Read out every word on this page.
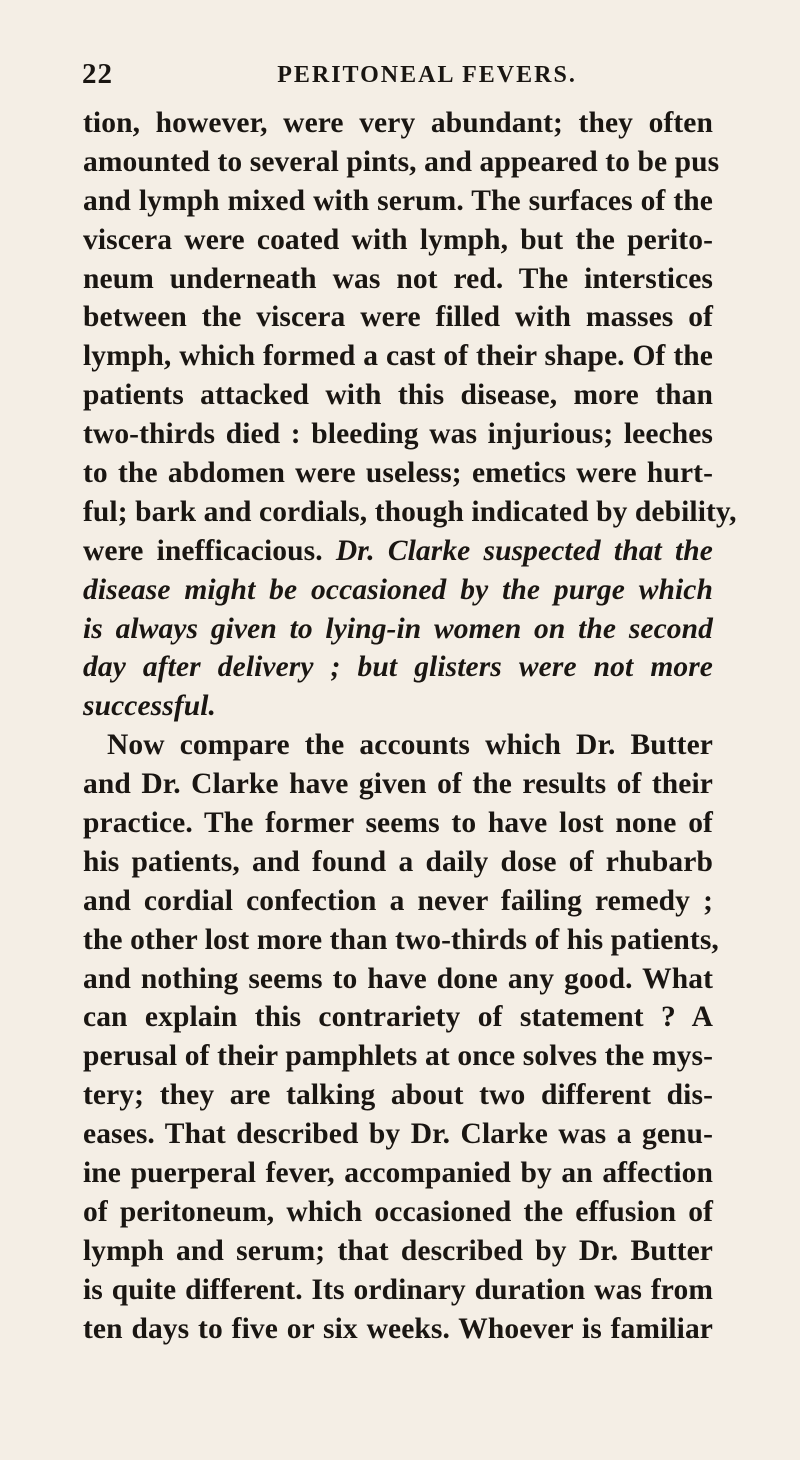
22	PERITONEAL FEVERS.
tion, however, were very abundant; they often
amounted to several pints, and appeared to be pus
and lymph mixed with serum. The surfaces of the
viscera were coated with lymph, but the perito-
neum underneath was not red. The interstices
between the viscera were filled with masses of
lymph, which formed a cast of their shape. Of the
patients attacked with this disease, more than
two-thirds died : bleeding was injurious; leeches
to the abdomen were useless; emetics were hurt-
ful; bark and cordials, though indicated by debility,
were inefficacious. Dr. Clarke suspected that the
disease might be occasioned by the purge which
is always given to lying-in women on the second
day after delivery ; but glisters were not more
successful.
Now compare the accounts which Dr. Butter
and Dr. Clarke have given of the results of their
practice. The former seems to have lost none of
his patients, and found a daily dose of rhubarb
and cordial confection a never failing remedy ;
the other lost more than two-thirds of his patients,
and nothing seems to have done any good. What
can explain this contrariety of statement ? A
perusal of their pamphlets at once solves the mys-
tery; they are talking about two different dis-
eases. That described by Dr. Clarke was a genu-
ine puerperal fever, accompanied by an affection
of peritoneum, which occasioned the effusion of
lymph and serum; that described by Dr. Butter
is quite different. Its ordinary duration was from
ten days to five or six weeks. Whoever is familiar
